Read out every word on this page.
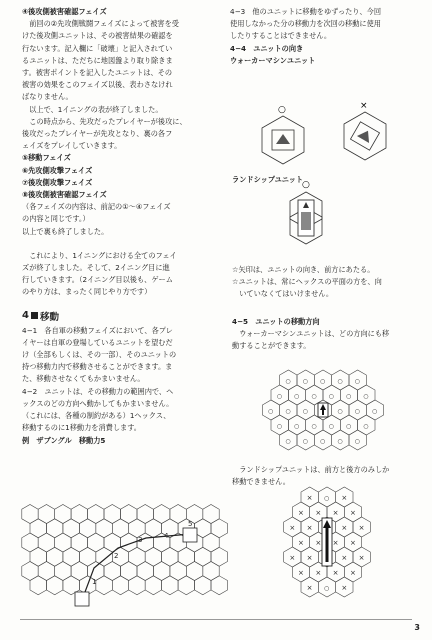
④後攻側被害確認フェイズ

　前回の②先攻側戦闘フェイズによって被害を受

けた後攻側ユニットは、その被害結果の確認を

行ないます。記入欄に「破壊」と記入されてい

るユニットは、ただちに地図盤より取り除きま

す。被害ポイントを記入したユニットは、その

被害の効果をこのフェイズ以後、表わさなけれ

ばなりません。

　以上で、1イニングの表が終了しました。

　この時点から、先攻だったプレイヤーが後攻に、

後攻だったプレイヤーが先攻となり、裏の各フ

ェイズをプレイしていきます。

⑤移動フェイズ

⑥先攻側攻撃フェイズ

⑦後攻側攻撃フェイズ

⑧後攻側被害確認フェイズ

（各フェイズの内容は、前記の①〜④フェイズ

の内容と同じです。）

以上で裏も終了しました。

　これにより、1イニングにおける全てのフェイ

ズが終了しました。そして、2イニング目に進

行していきます。（2イニング目以後も、ゲーム

のやり方は、まったく同じやり方です）

4 移動

4−1　各自軍の移動フェイズにおいて、各プレ

イヤーは自軍の登場しているユニットを望むだ

け（全部もしくは、その一部）、そのユニットの

持つ移動力内で移動させることができます。ま

た、移動させなくてもかまいません。

4−2　ユニットは、その移動力の範囲内で、ヘ

ックスのどの方向へ動かしてもかまいません。

（これには、各種の制約がある）1ヘックス、

移動するのに1移動力を消費します。

例　ザブングル　移動力5

1
2
3	4
5

4−3　他のユニットに移動をゆずったり、今回

使用しなかった分の移動力を次回の移動に使用

したりすることはできません。

4−4　ユニットの向き

ウォーカーマシンユニット

○	×

ランドシップユニット

○

☆矢印は、ユニットの向き、前方にあたる。

☆ユニットは、常にヘックスの平面の方を、向

　いていなくてはいけません。

4−5　ユニットの移動方向

　ウォーカーマシンユニットは、どの方向にも移

動することができます。

○ ○ ○ ○ ○
○ ○ ○ ○ ○ ○
○ ○ ○	○ ○ ○
○ ○ ○ ○ ○ ○
○ ○ ○ ○ ○

　ランドシップユニットは、前方と後方のみしか

移動できません。

× ○ ×
× × × ×
× ×	× ×
× × × ×
× ×	× ×
× × × ×
× ○ ×
3
